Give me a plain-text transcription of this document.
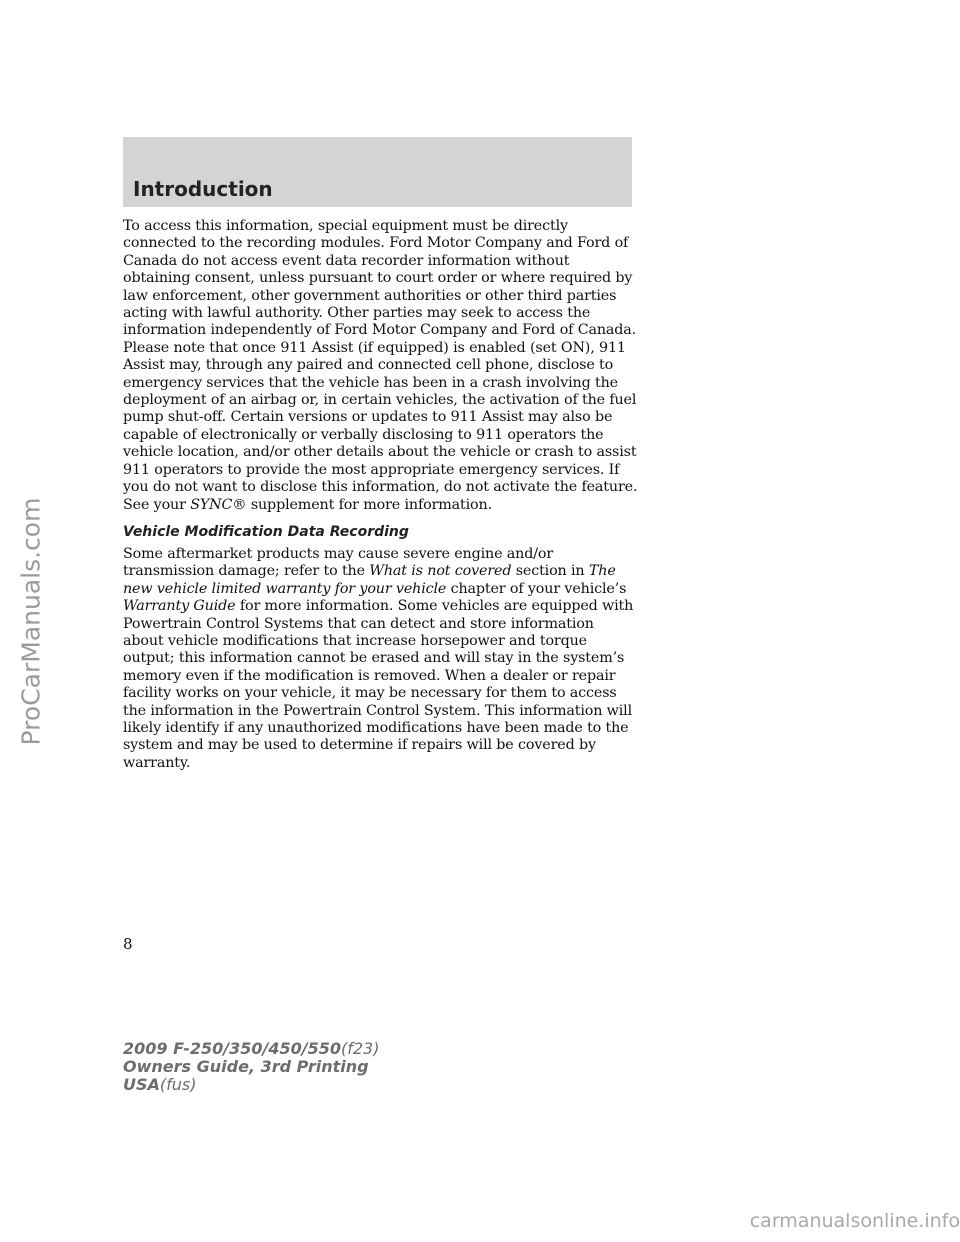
ProCarManuals.com
Introduction

To access this information, special equipment must be directly connected to the recording modules. Ford Motor Company and Ford of Canada do not access event data recorder information without obtaining consent, unless pursuant to court order or where required by law enforcement, other government authorities or other third parties acting with lawful authority. Other parties may seek to access the information independently of Ford Motor Company and Ford of Canada. Please note that once 911 Assist (if equipped) is enabled (set ON), 911 Assist may, through any paired and connected cell phone, disclose to emergency services that the vehicle has been in a crash involving the deployment of an airbag or, in certain vehicles, the activation of the fuel pump shut-off. Certain versions or updates to 911 Assist may also be capable of electronically or verbally disclosing to 911 operators the vehicle location, and/or other details about the vehicle or crash to assist 911 operators to provide the most appropriate emergency services. If you do not want to disclose this information, do not activate the feature. See your SYNC® supplement for more information.

Vehicle Modification Data Recording

Some aftermarket products may cause severe engine and/or transmission damage; refer to the What is not covered section in The new vehicle limited warranty for your vehicle chapter of your vehicle’s Warranty Guide for more information. Some vehicles are equipped with Powertrain Control Systems that can detect and store information about vehicle modifications that increase horsepower and torque output; this information cannot be erased and will stay in the system’s memory even if the modification is removed. When a dealer or repair facility works on your vehicle, it may be necessary for them to access the information in the Powertrain Control System. This information will likely identify if any unauthorized modifications have been made to the system and may be used to determine if repairs will be covered by warranty.

8
2009 F-250/350/450/550(f23)
Owners Guide, 3rd Printing
USA(fus)
carmanualsonline.info
